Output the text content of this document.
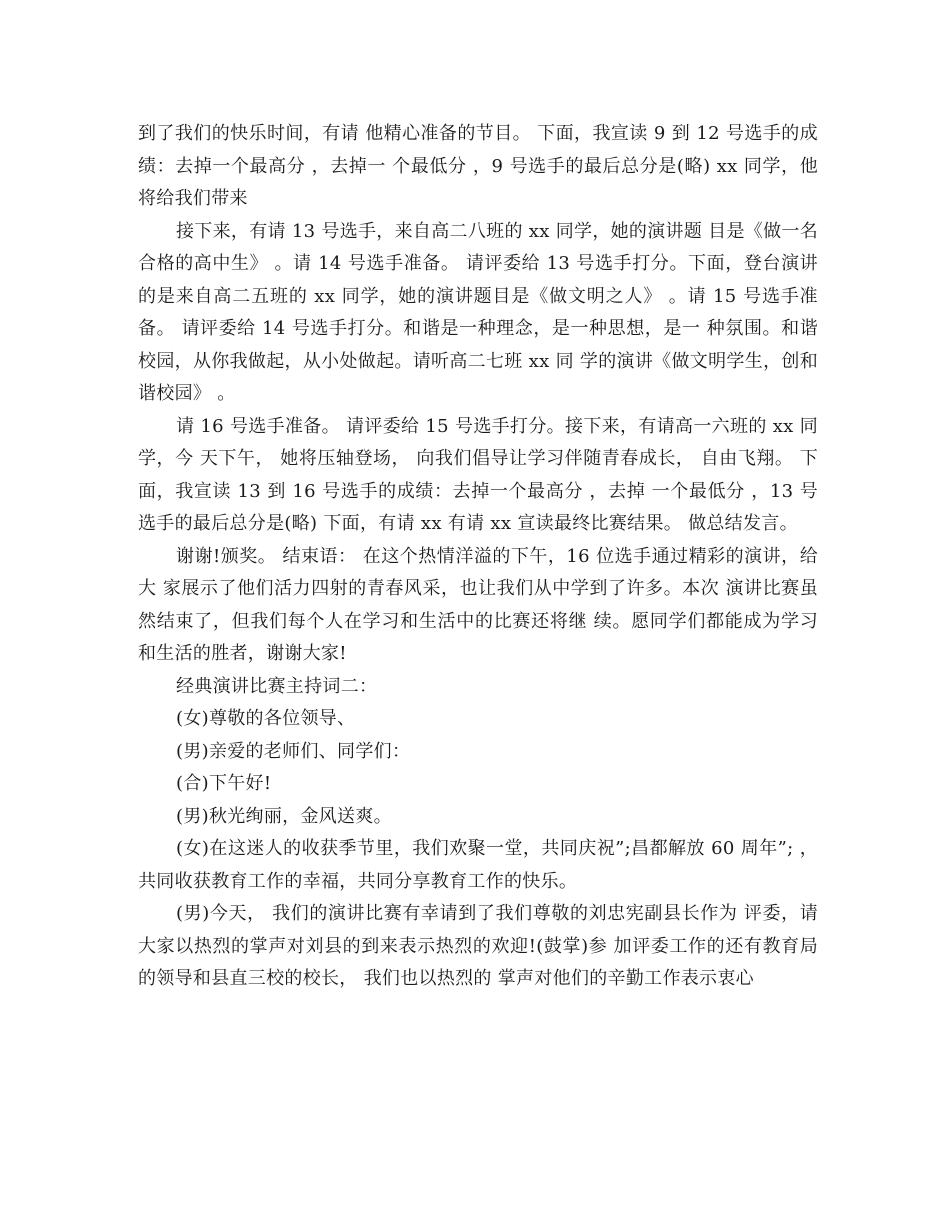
到了我们的快乐时间，有请 他精心准备的节目。 下面，我宣读 9 到 12 号选手的成绩：去掉一个最高分 ，去掉一 个最低分 ，9 号选手的最后总分是(略) xx 同学，他将给我们带来

接下来，有请 13 号选手，来自高二八班的 xx 同学，她的演讲题 目是《做一名合格的高中生》 。请 14 号选手准备。 请评委给 13 号选手打分。下面，登台演讲的是来自高二五班的 xx 同学，她的演讲题目是《做文明之人》 。请 15 号选手准备。 请评委给 14 号选手打分。和谐是一种理念，是一种思想，是一 种氛围。和谐校园，从你我做起，从小处做起。请听高二七班 xx 同 学的演讲《做文明学生，创和谐校园》 。

请 16 号选手准备。 请评委给 15 号选手打分。接下来，有请高一六班的 xx 同学，今 天下午， 她将压轴登场， 向我们倡导让学习伴随青春成长， 自由飞翔。 下面，我宣读 13 到 16 号选手的成绩：去掉一个最高分 ，去掉 一个最低分 ，13 号选手的最后总分是(略) 下面，有请 xx 有请 xx 宣读最终比赛结果。 做总结发言。

谢谢!颁奖。 结束语： 在这个热情洋溢的下午，16 位选手通过精彩的演讲，给大 家展示了他们活力四射的青春风采，也让我们从中学到了许多。本次 演讲比赛虽然结束了，但我们每个人在学习和生活中的比赛还将继 续。愿同学们都能成为学习和生活的胜者，谢谢大家!

经典演讲比赛主持词二：

(女)尊敬的各位领导、

(男)亲爱的老师们、同学们：

(合)下午好!

(男)秋光绚丽，金风送爽。

(女)在这迷人的收获季节里，我们欢聚一堂，共同庆祝”;昌都解放 60 周年”; ，共同收获教育工作的幸福，共同分享教育工作的快乐。

(男)今天， 我们的演讲比赛有幸请到了我们尊敬的刘忠宪副县长作为 评委，请大家以热烈的掌声对刘县的到来表示热烈的欢迎!(鼓掌)参 加评委工作的还有教育局的领导和县直三校的校长， 我们也以热烈的 掌声对他们的辛勤工作表示衷心
